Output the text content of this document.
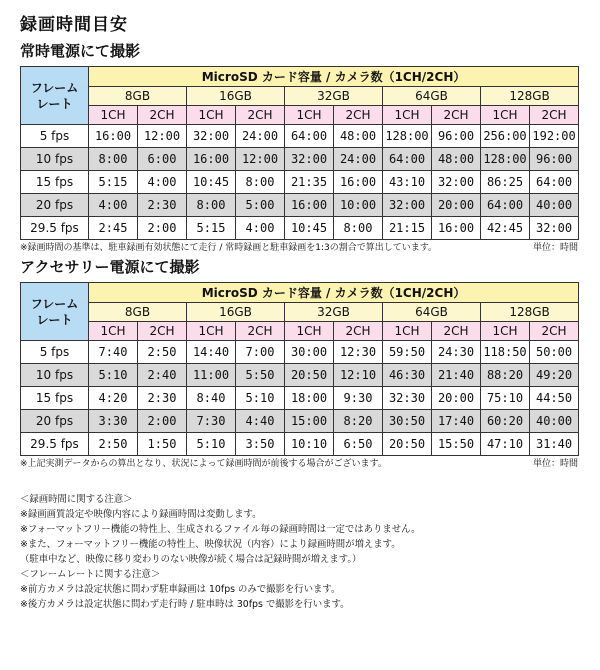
録画時間目安
常時電源にて撮影
フレーム
レート	MicroSD カード容量 / カメラ数（1CH/2CH）									
	8GB		16GB		32GB		64GB		128GB	
	1CH	2CH	1CH	2CH	1CH	2CH	1CH	2CH	1CH	2CH
5 fps	16:00	12:00	32:00	24:00	64:00	48:00	128:00	96:00	256:00	192:00
10 fps	8:00	6:00	16:00	12:00	32:00	24:00	64:00	48:00	128:00	96:00
15 fps	5:15	4:00	10:45	8:00	21:35	16:00	43:10	32:00	86:25	64:00
20 fps	4:00	2:30	8:00	5:00	16:00	10:00	32:00	20:00	64:00	40:00
29.5 fps	2:45	2:00	5:15	4:00	10:45	8:00	21:15	16:00	42:45	32:00
※録画時間の基準は、駐車録画有効状態にて走行 / 常時録画と駐車録画を1:3の割合で算出しています。	単位：時間
アクセサリー電源にて撮影
フレーム
レート	MicroSD カード容量 / カメラ数（1CH/2CH）									
	8GB		16GB		32GB		64GB		128GB	
	1CH	2CH	1CH	2CH	1CH	2CH	1CH	2CH	1CH	2CH
5 fps	7:40	2:50	14:40	7:00	30:00	12:30	59:50	24:30	118:50	50:00
10 fps	5:10	2:40	11:00	5:50	20:50	12:10	46:30	21:40	88:20	49:20
15 fps	4:20	2:30	8:40	5:10	18:00	9:30	32:30	20:00	75:10	44:50
20 fps	3:30	2:00	7:30	4:40	15:00	8:20	30:50	17:40	60:20	40:00
29.5 fps	2:50	1:50	5:10	3:50	10:10	6:50	20:50	15:50	47:10	31:40
※上記実測データからの算出となり、状況によって録画時間が前後する場合がございます。	単位：時間
＜録画時間に関する注意＞
※録画画質設定や映像内容により録画時間は変動します。
※フォーマットフリー機能の特性上、生成されるファイル毎の録画時間は一定ではありません。
※また、フォーマットフリー機能の特性上、映像状況（内容）により録画時間が増えます。
（駐車中など、映像に移り変わりのない映像が続く場合は記録時間が増えます。）
＜フレームレートに関する注意＞
※前方カメラは設定状態に問わず駐車録画は 10fps のみで撮影を行います。
※後方カメラは設定状態に問わず走行時 / 駐車時は 30fps で撮影を行います。
